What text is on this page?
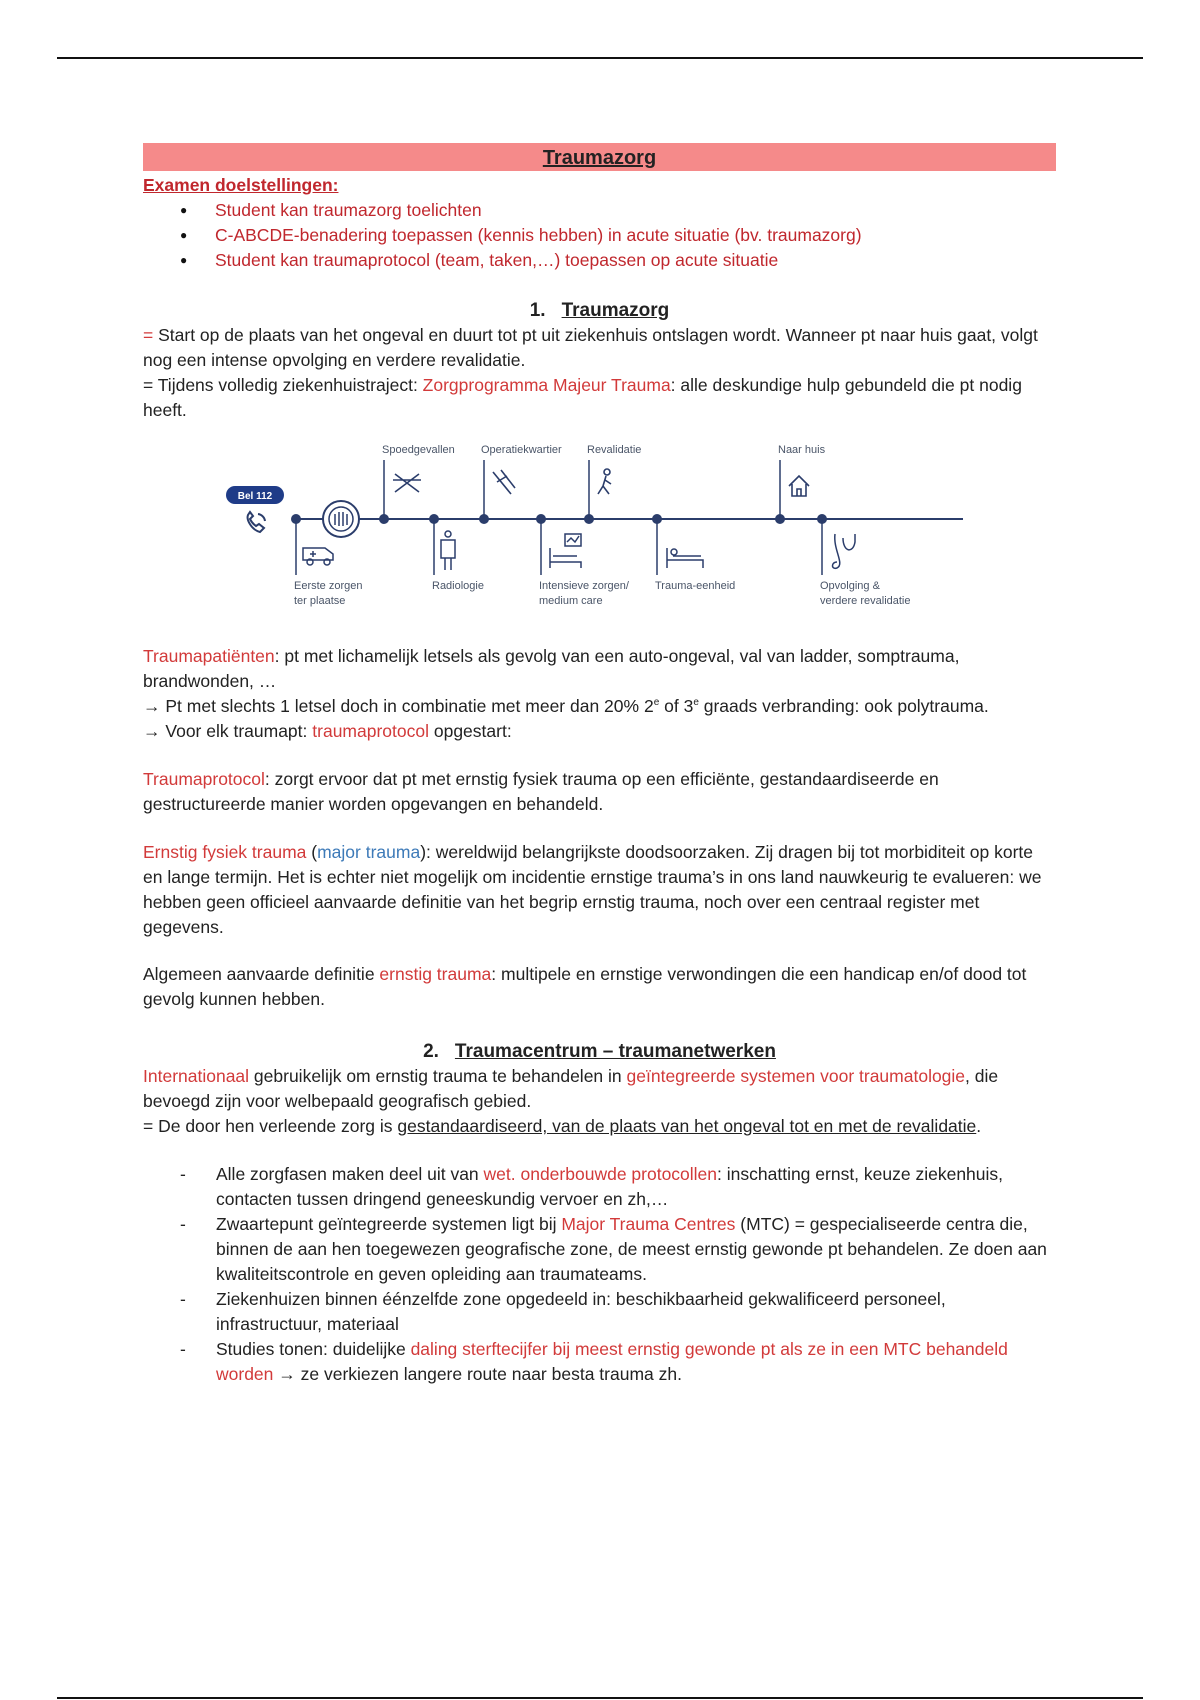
Traumazorg
Examen doelstellingen:
● Student kan traumazorg toelichten
● C-ABCDE-benadering toepassen (kennis hebben) in acute situatie (bv. traumazorg)
● Student kan traumaprotocol (team, taken,…) toepassen op acute situatie
1. Traumazorg
= Start op de plaats van het ongeval en duurt tot pt uit ziekenhuis ontslagen wordt. Wanneer pt naar huis gaat, volgt nog een intense opvolging en verdere revalidatie.
= Tijdens volledig ziekenhuistraject: Zorgprogramma Majeur Trauma: alle deskundige hulp gebundeld die pt nodig heeft.
Bel 112
Spoedgevallen Operatiekwartier Revalidatie	Naar huis
Eerste zorgen
ter plaatse
Radiologie	Intensieve zorgen/
medium care
Trauma-eenheid	Opvolging &
verdere revalidatie
Traumapatiënten: pt met lichamelijk letsels als gevolg van een auto-ongeval, val van ladder, somptrauma, brandwonden, …
→ Pt met slechts 1 letsel doch in combinatie met meer dan 20% 2e of 3e graads verbranding: ook polytrauma.
→ Voor elk traumapt: traumaprotocol opgestart:
Traumaprotocol: zorgt ervoor dat pt met ernstig fysiek trauma op een efficiënte, gestandaardiseerde en gestructureerde manier worden opgevangen en behandeld.
Ernstig fysiek trauma (major trauma): wereldwijd belangrijkste doodsoorzaken. Zij dragen bij tot morbiditeit op korte en lange termijn. Het is echter niet mogelijk om incidentie ernstige trauma’s in ons land nauwkeurig te evalueren: we hebben geen officieel aanvaarde definitie van het begrip ernstig trauma, noch over een centraal register met gegevens.
Algemeen aanvaarde definitie ernstig trauma: multipele en ernstige verwondingen die een handicap en/of dood tot gevolg kunnen hebben.
2. Traumacentrum – traumanetwerken
Internationaal gebruikelijk om ernstig trauma te behandelen in geïntegreerde systemen voor traumatologie, die bevoegd zijn voor welbepaald geografisch gebied.
= De door hen verleende zorg is gestandaardiseerd, van de plaats van het ongeval tot en met de revalidatie.
- Alle zorgfasen maken deel uit van wet. onderbouwde protocollen: inschatting ernst, keuze ziekenhuis, contacten tussen dringend geneeskundig vervoer en zh,…
- Zwaartepunt geïntegreerde systemen ligt bij Major Trauma Centres (MTC) = gespecialiseerde centra die, binnen de aan hen toegewezen geografische zone, de meest ernstig gewonde pt behandelen. Ze doen aan kwaliteitscontrole en geven opleiding aan traumateams.
- Ziekenhuizen binnen éénzelfde zone opgedeeld in: beschikbaarheid gekwalificeerd personeel, infrastructuur, materiaal
- Studies tonen: duidelijke daling sterftecijfer bij meest ernstig gewonde pt als ze in een MTC behandeld worden → ze verkiezen langere route naar besta trauma zh.
